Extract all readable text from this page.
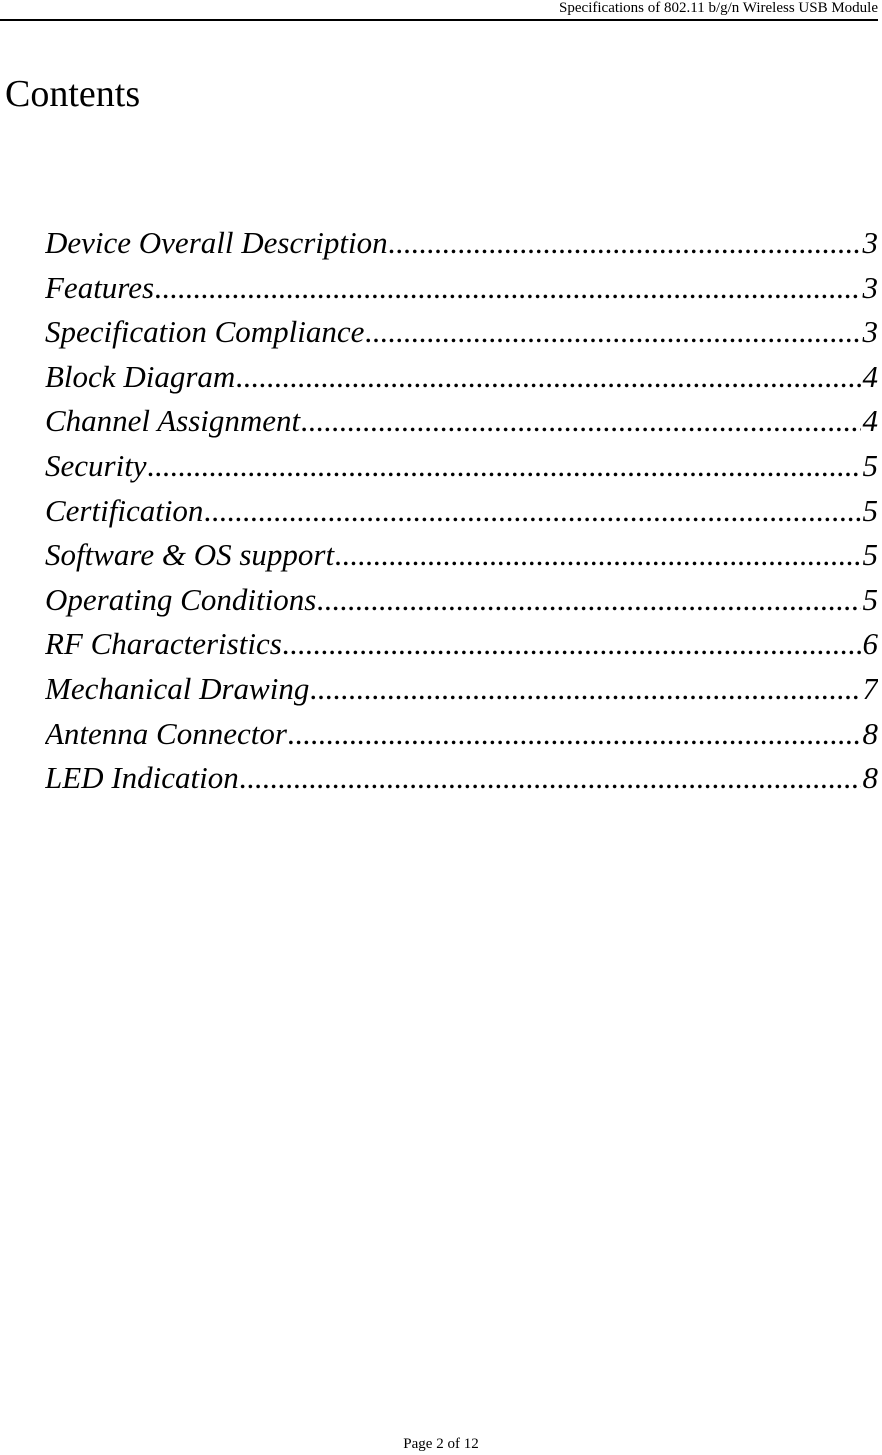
Specifications of 802.11 b/g/n Wireless USB Module
Contents
Device Overall Description .....	3
Features .....	3
Specification Compliance .....	3
Block Diagram .....	4
Channel Assignment .....	4
Security .....	5
Certification .....	5
Software & OS support .....	5
Operating Conditions .....	5
RF Characteristics .....	6
Mechanical Drawing .....	7
Antenna Connector .....	8
LED Indication .....	8
Page 2 of 12
